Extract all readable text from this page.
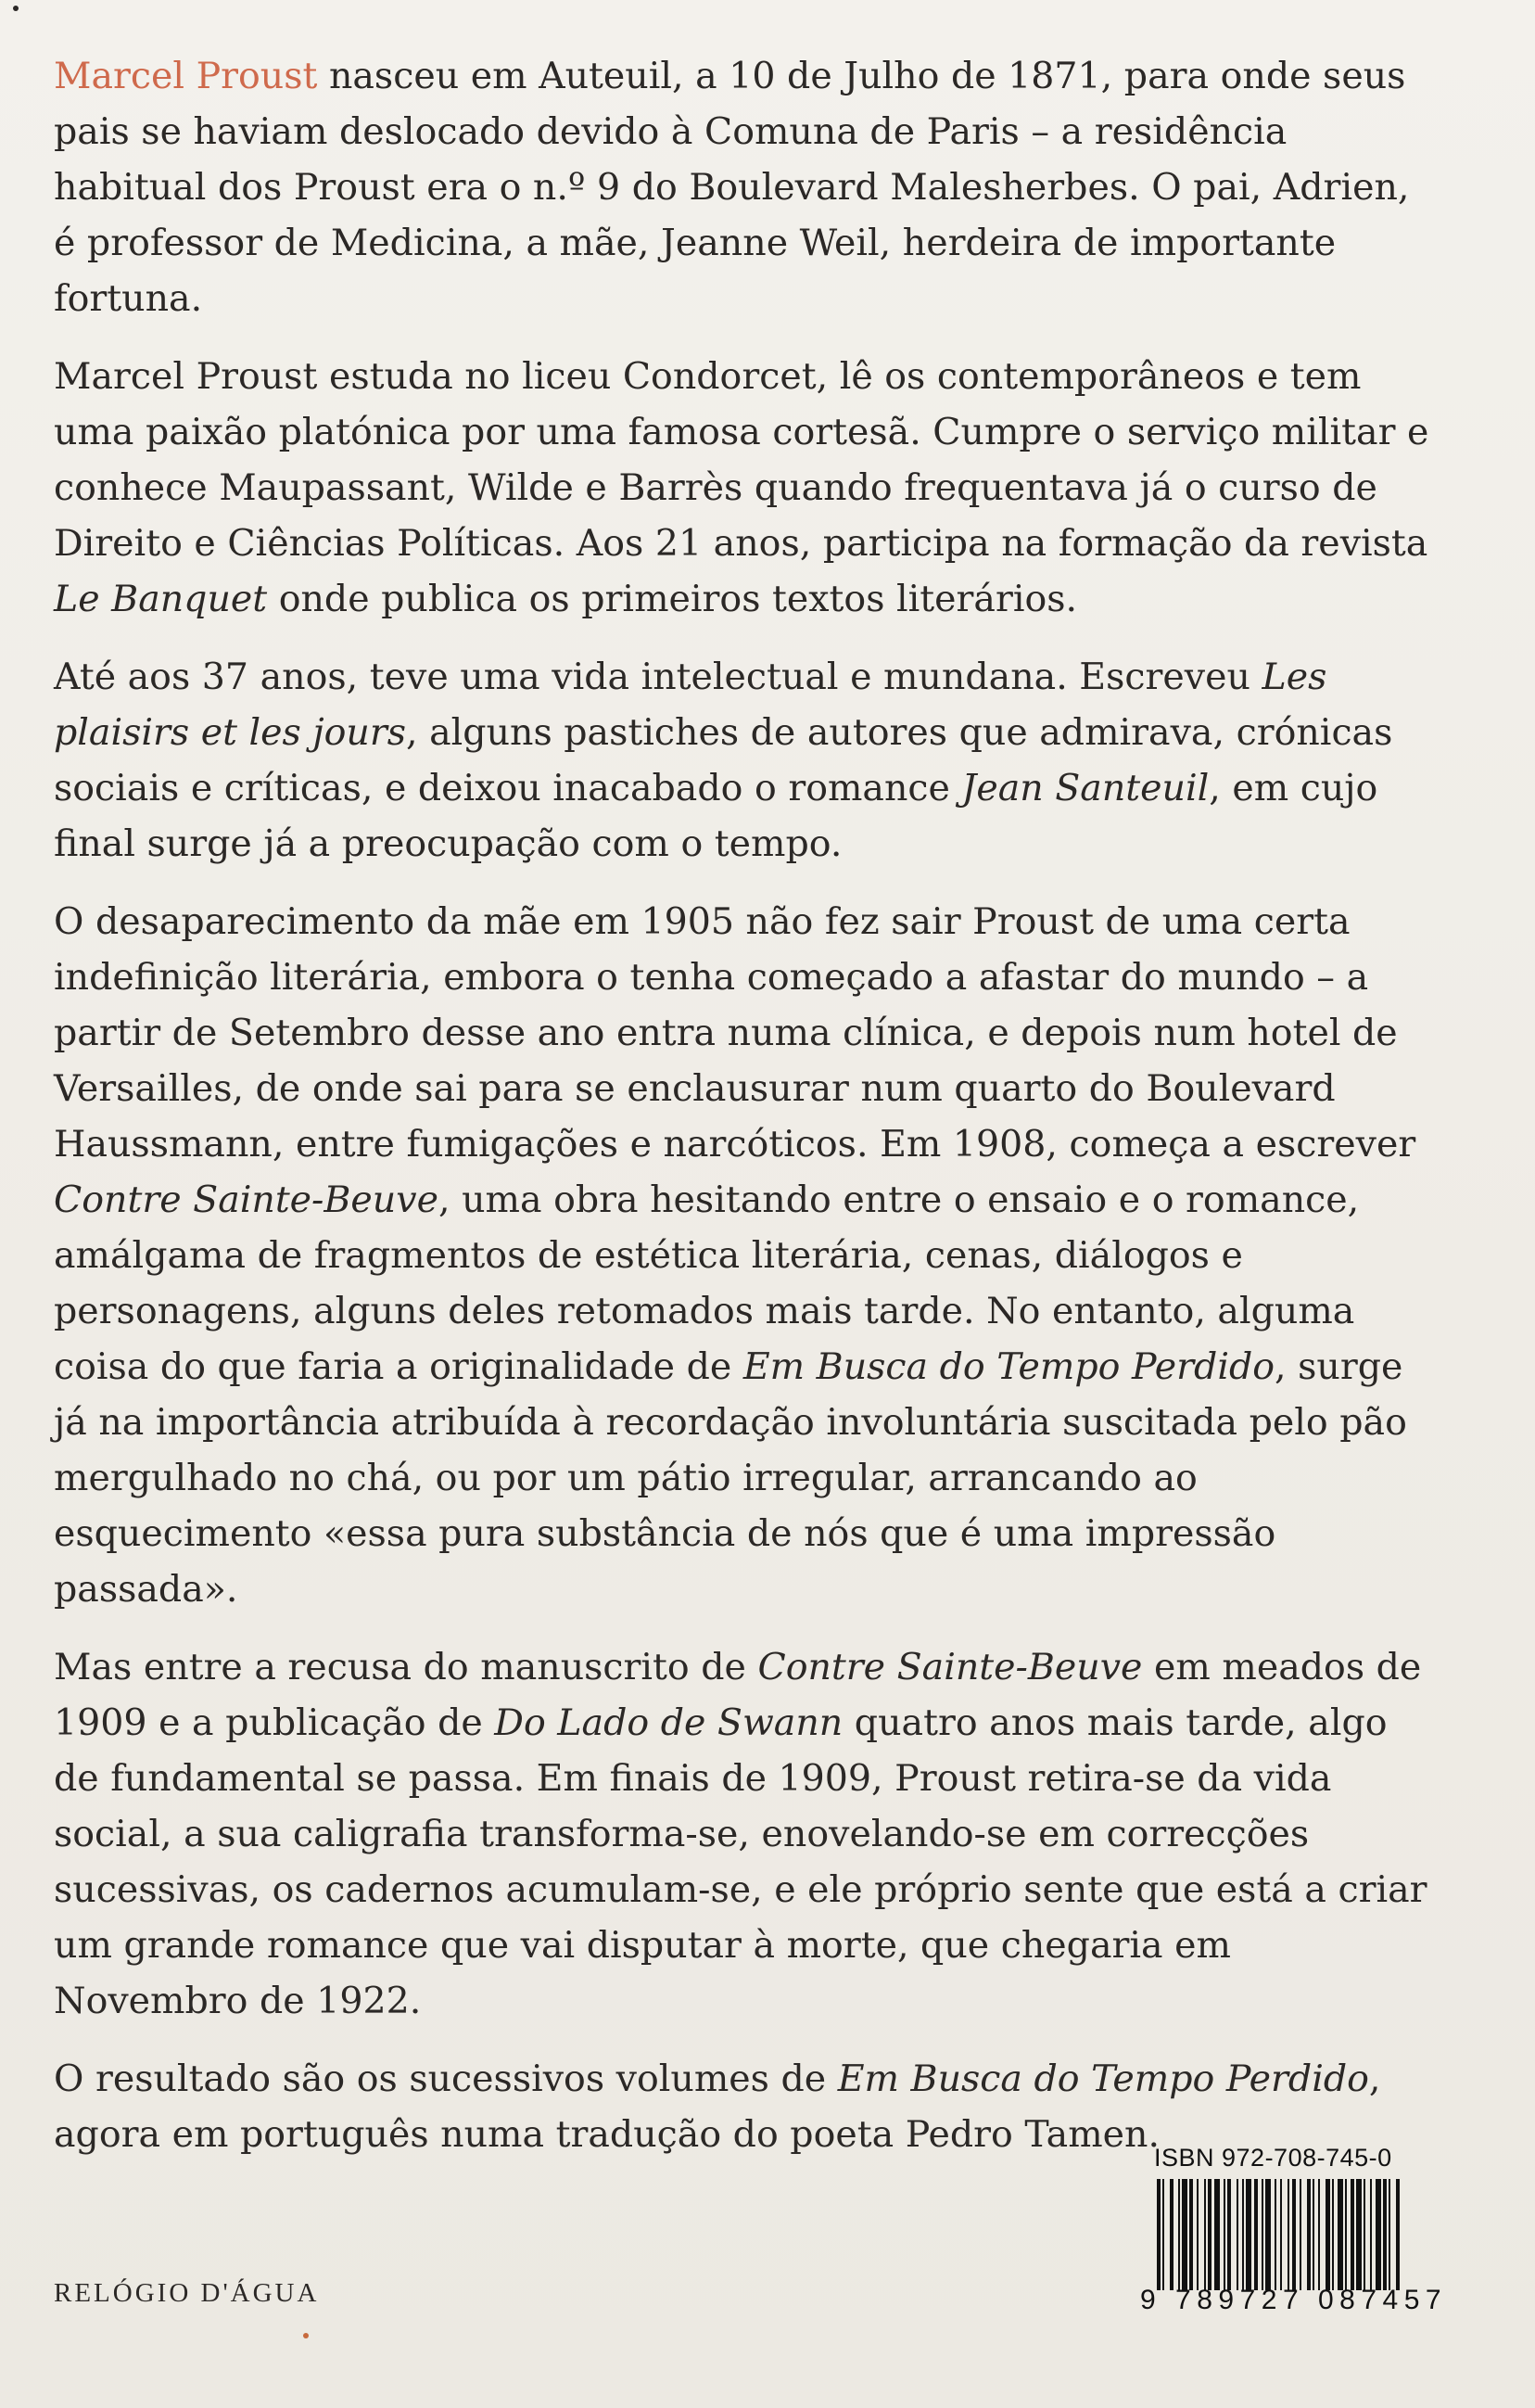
Marcel Proust nasceu em Auteuil, a 10 de Julho de 1871, para onde seus pais se haviam deslocado devido à Comuna de Paris – a residência habitual dos Proust era o n.º 9 do Boulevard Malesherbes. O pai, Adrien, é professor de Medicina, a mãe, Jeanne Weil, herdeira de importante fortuna.

Marcel Proust estuda no liceu Condorcet, lê os contemporâneos e tem uma paixão platónica por uma famosa cortesã. Cumpre o serviço militar e conhece Maupassant, Wilde e Barrès quando frequentava já o curso de Direito e Ciências Políticas. Aos 21 anos, participa na formação da revista Le Banquet onde publica os primeiros textos literários.

Até aos 37 anos, teve uma vida intelectual e mundana. Escreveu Les plaisirs et les jours, alguns pastiches de autores que admirava, crónicas sociais e críticas, e deixou inacabado o romance Jean Santeuil, em cujo final surge já a preocupação com o tempo.

O desaparecimento da mãe em 1905 não fez sair Proust de uma certa indefinição literária, embora o tenha começado a afastar do mundo – a partir de Setembro desse ano entra numa clínica, e depois num hotel de Versailles, de onde sai para se enclausurar num quarto do Boulevard Haussmann, entre fumigações e narcóticos. Em 1908, começa a escrever Contre Sainte-Beuve, uma obra hesitando entre o ensaio e o romance, amálgama de fragmentos de estética literária, cenas, diálogos e personagens, alguns deles retomados mais tarde. No entanto, alguma coisa do que faria a originalidade de Em Busca do Tempo Perdido, surge já na importância atribuída à recordação involuntária suscitada pelo pão mergulhado no chá, ou por um pátio irregular, arrancando ao esquecimento «essa pura substância de nós que é uma impressão passada».

Mas entre a recusa do manuscrito de Contre Sainte-Beuve em meados de 1909 e a publicação de Do Lado de Swann quatro anos mais tarde, algo de fundamental se passa. Em finais de 1909, Proust retira-se da vida social, a sua caligrafia transforma-se, enovelando-se em correcções sucessivas, os cadernos acumulam-se, e ele próprio sente que está a criar um grande romance que vai disputar à morte, que chegaria em Novembro de 1922.

O resultado são os sucessivos volumes de Em Busca do Tempo Perdido, agora em português numa tradução do poeta Pedro Tamen.

RELÓGIO D'ÁGUA
ISBN 972-708-745-0
9 789727 087457
